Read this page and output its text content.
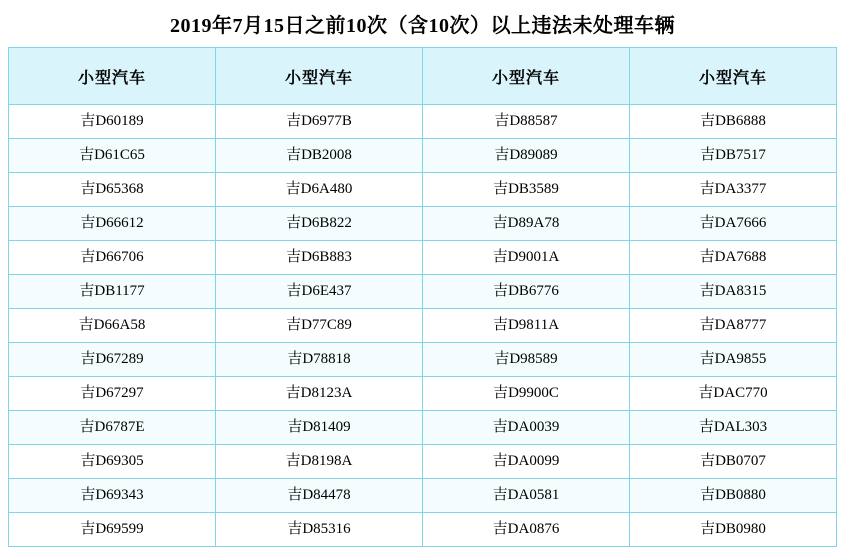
2019年7月15日之前10次（含10次）以上违法未处理车辆
小型汽车	小型汽车	小型汽车	小型汽车
吉D60189	吉D6977B	吉D88587	吉DB6888
吉D61C65	吉DB2008	吉D89089	吉DB7517
吉D65368	吉D6A480	吉DB3589	吉DA3377
吉D66612	吉D6B822	吉D89A78	吉DA7666
吉D66706	吉D6B883	吉D9001A	吉DA7688
吉DB1177	吉D6E437	吉DB6776	吉DA8315
吉D66A58	吉D77C89	吉D9811A	吉DA8777
吉D67289	吉D78818	吉D98589	吉DA9855
吉D67297	吉D8123A	吉D9900C	吉DAC770
吉D6787E	吉D81409	吉DA0039	吉DAL303
吉D69305	吉D8198A	吉DA0099	吉DB0707
吉D69343	吉D84478	吉DA0581	吉DB0880
吉D69599	吉D85316	吉DA0876	吉DB0980
